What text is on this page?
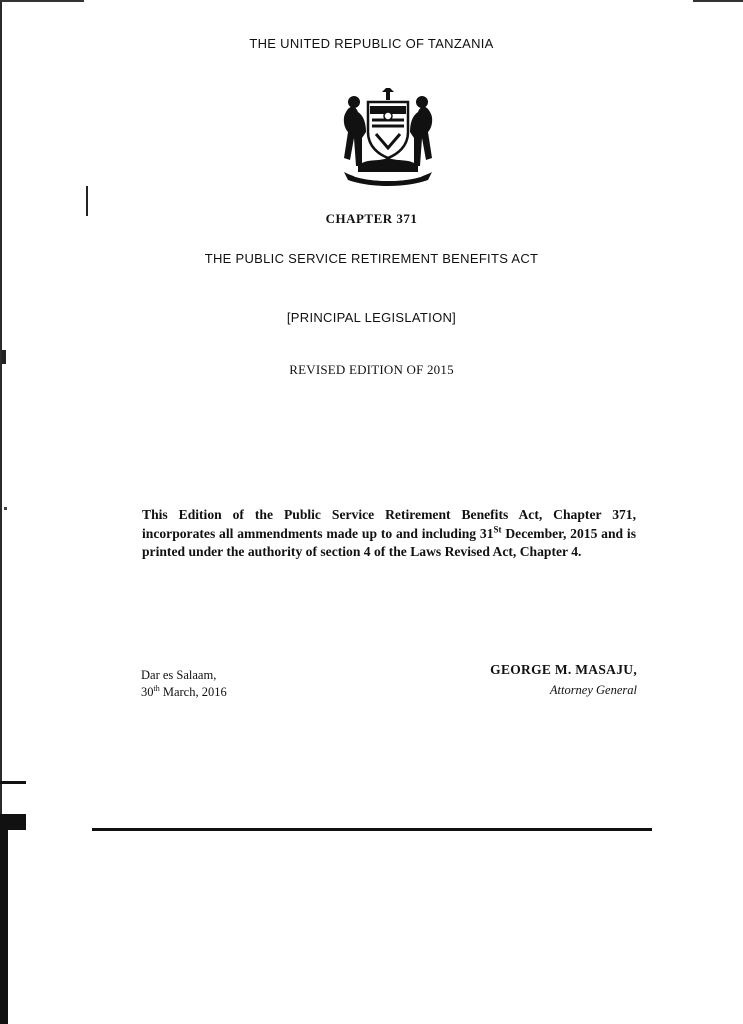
THE UNITED REPUBLIC OF TANZANIA
CHAPTER 371
THE PUBLIC SERVICE RETIREMENT BENEFITS ACT
[PRINCIPAL LEGISLATION]
REVISED EDITION OF 2015
This Edition of the Public Service Retirement Benefits Act, Chapter 371, incorporates all ammendments made up to and including 31St December, 2015 and is printed under the authority of section 4 of the Laws Revised Act, Chapter 4.
Dar es Salaam,
30th March, 2016
GEORGE M. MASAJU,
Attorney General
